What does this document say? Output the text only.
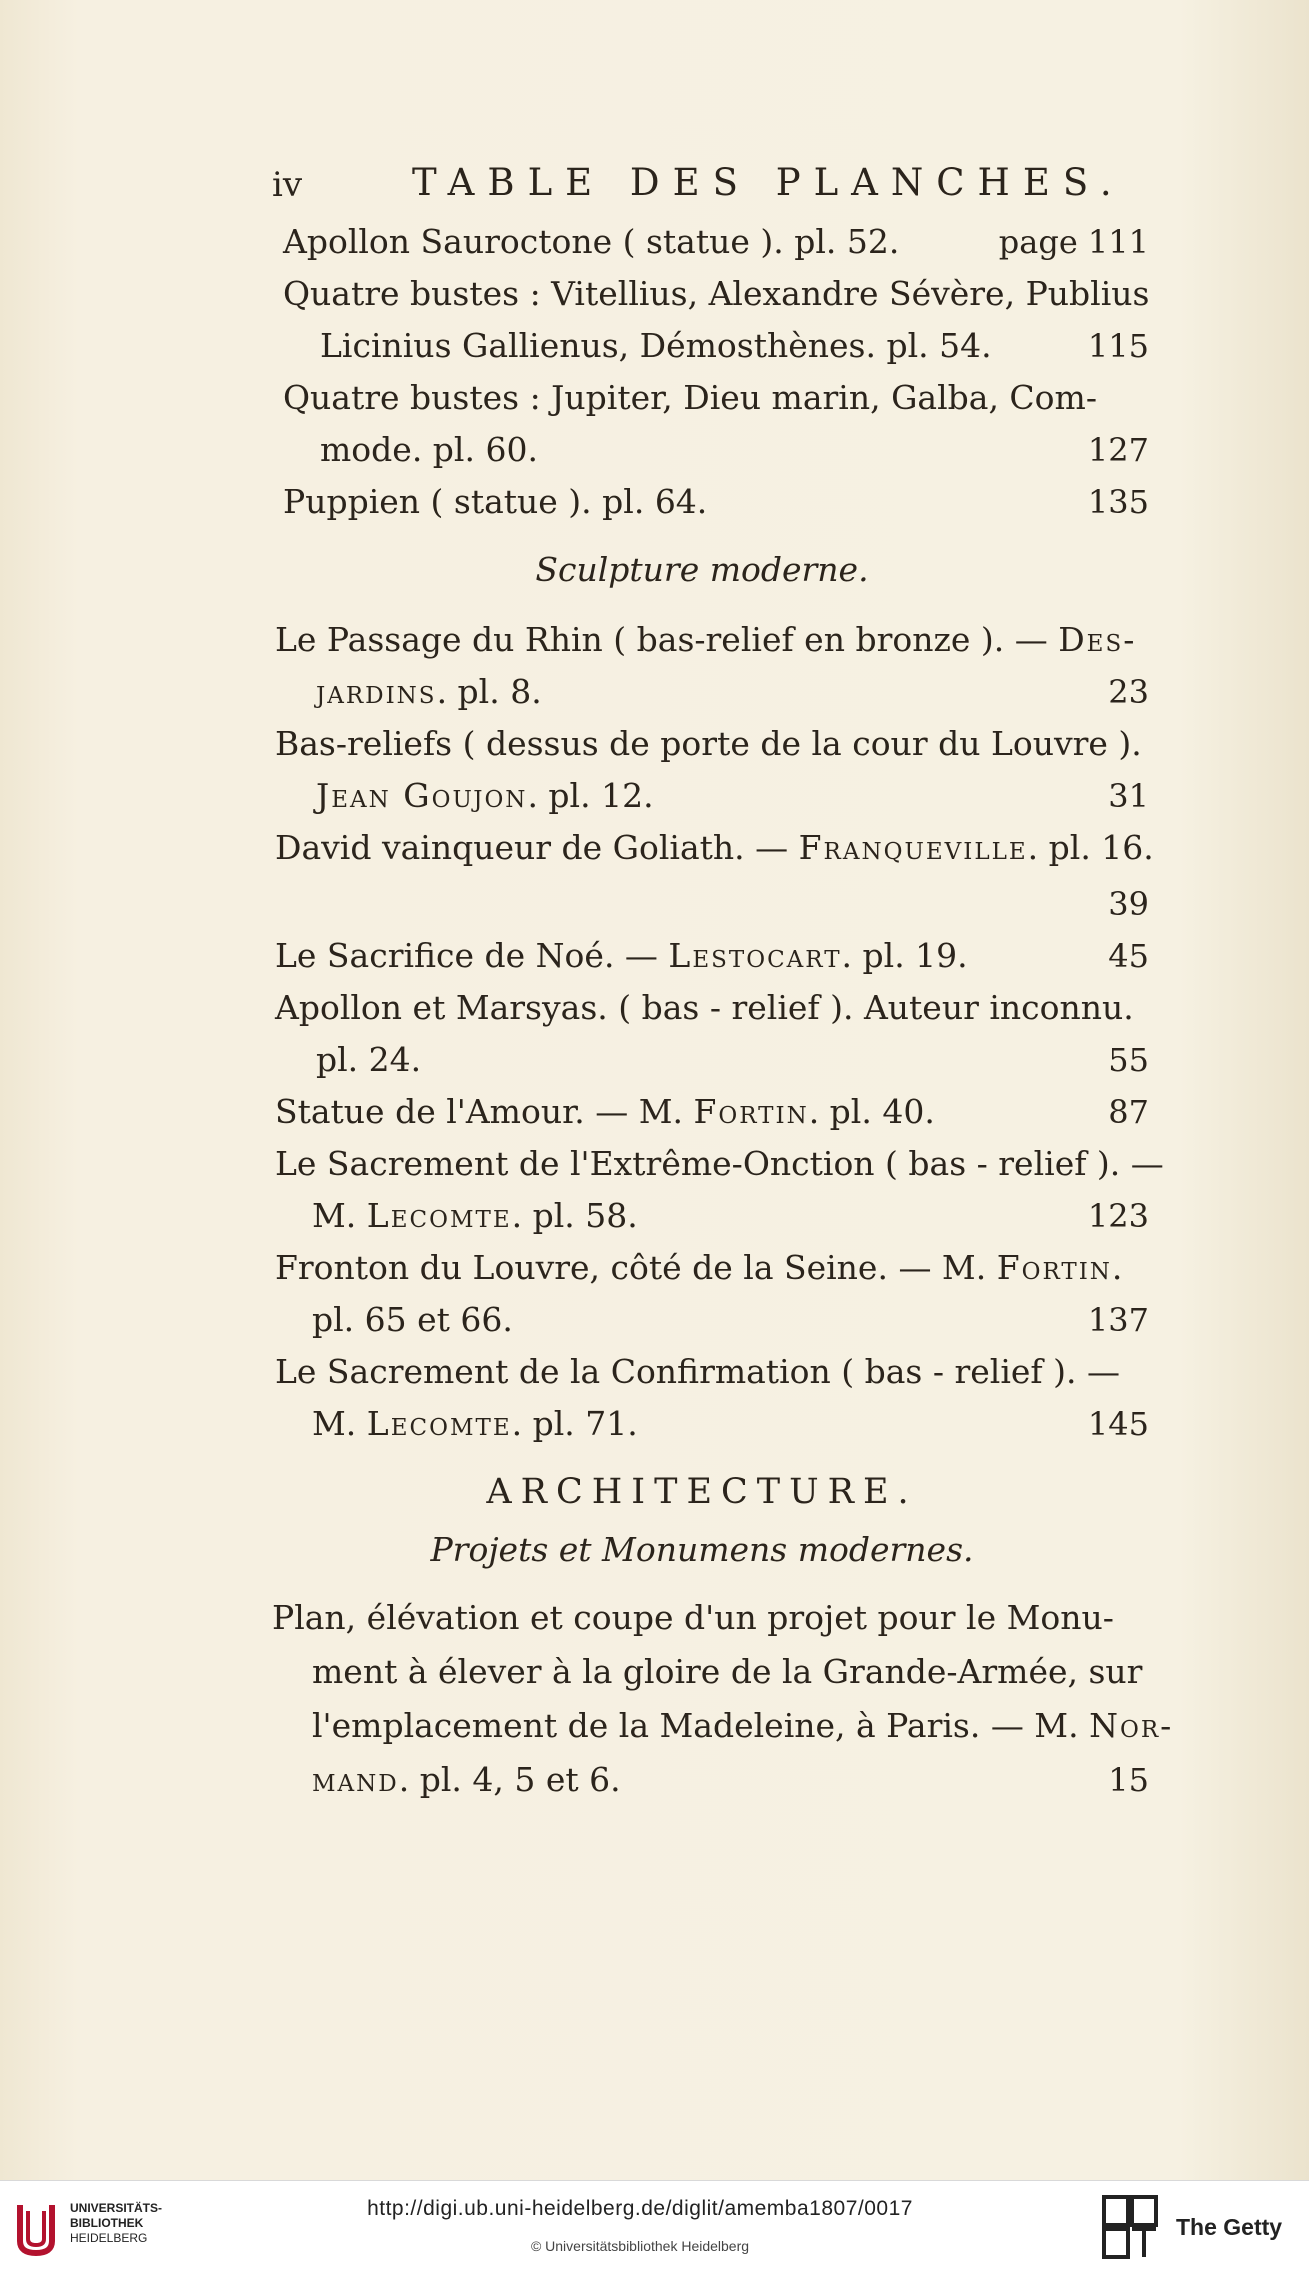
iv	TABLE DES PLANCHES.
Apollon Sauroctone ( statue ). pl. 52.	page 111
Quatre bustes : Vitellius, Alexandre Sévère, Publius
Licinius Gallienus, Démosthènes. pl. 54.	115
Quatre bustes : Jupiter, Dieu marin, Galba, Com-
mode. pl. 60.	127
Puppien ( statue ). pl. 64.	135
Sculpture moderne.
Le Passage du Rhin ( bas-relief en bronze ). — Des-
jardins. pl. 8.	23
Bas-reliefs ( dessus de porte de la cour du Louvre ).
Jean Goujon. pl. 12.	31
David vainqueur de Goliath. — Franqueville. pl. 16.
39
Le Sacrifice de Noé. — Lestocart. pl. 19.	45
Apollon et Marsyas. ( bas - relief ). Auteur inconnu.
pl. 24.	55
Statue de l'Amour. — M. Fortin. pl. 40.	87
Le Sacrement de l'Extrême-Onction ( bas - relief ). —
M. Lecomte. pl. 58.	123
Fronton du Louvre, côté de la Seine. — M. Fortin.
pl. 65 et 66.	137
Le Sacrement de la Confirmation ( bas - relief ). —
M. Lecomte. pl. 71.	145
ARCHITECTURE.
Projets et Monumens modernes.
Plan, élévation et coupe d'un projet pour le Monu-
ment à élever à la gloire de la Grande-Armée, sur
l'emplacement de la Madeleine, à Paris. — M. Nor-
mand. pl. 4, 5 et 6.	15
UNIVERSITÄTS-
BIBLIOTHEK
HEIDELBERG
http://digi.ub.uni-heidelberg.de/diglit/amemba1807/0017
© Universitätsbibliothek Heidelberg
The Getty
